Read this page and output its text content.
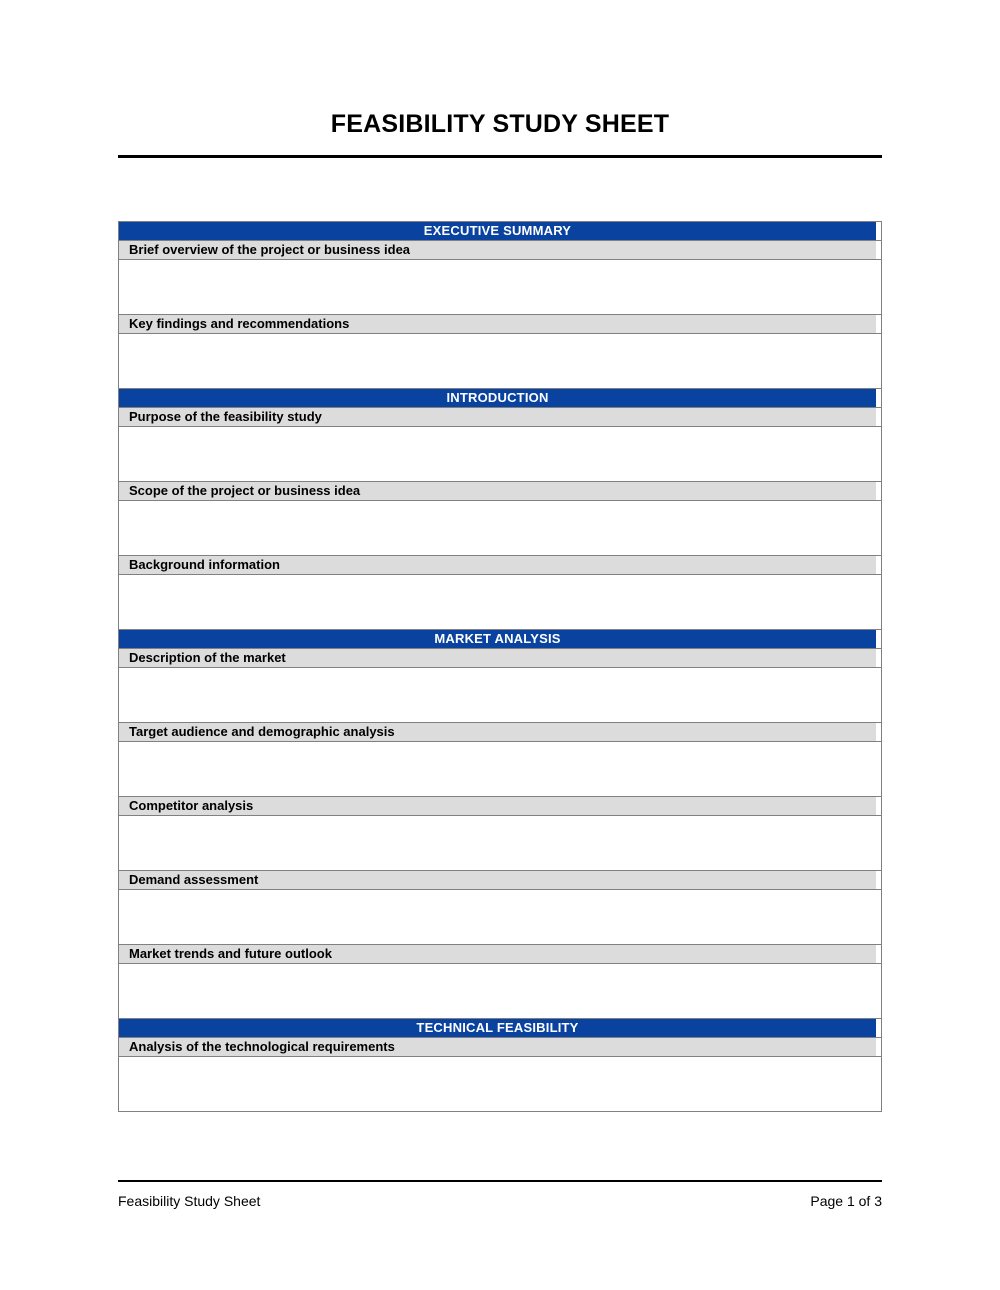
FEASIBILITY STUDY SHEET
EXECUTIVE SUMMARY
Brief overview of the project or business idea
Key findings and recommendations
INTRODUCTION
Purpose of the feasibility study
Scope of the project or business idea
Background information
MARKET ANALYSIS
Description of the market
Target audience and demographic analysis
Competitor analysis
Demand assessment
Market trends and future outlook
TECHNICAL FEASIBILITY
Analysis of the technological requirements
Feasibility Study Sheet	Page 1 of 3
